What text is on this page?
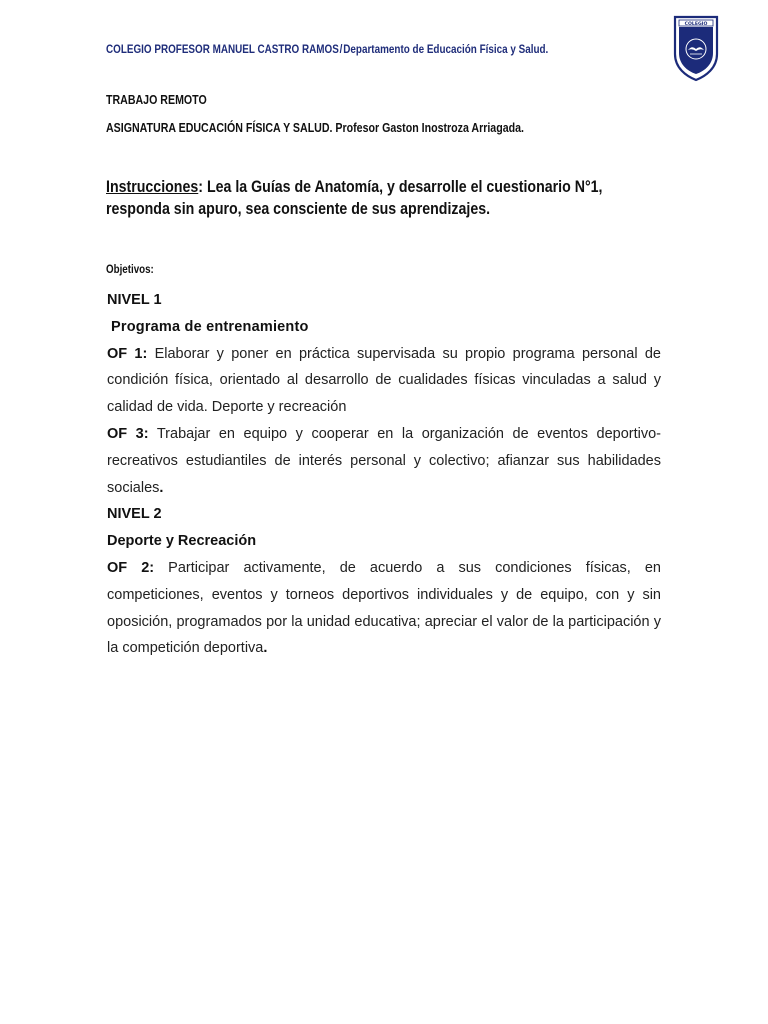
COLEGIO PROFESOR MANUEL CASTRO RAMOS/Departamento de Educación Física y Salud.
COLEGIO
TRABAJO REMOTO
ASIGNATURA EDUCACIÓN FÍSICA Y SALUD. Profesor Gaston Inostroza Arriagada.
Instrucciones: Lea la Guías de Anatomía, y desarrolle el cuestionario N°1, responda sin apuro, sea consciente de sus aprendizajes.
Objetivos:

NIVEL 1

Programa de entrenamiento

OF 1: Elaborar y poner en práctica supervisada su propio programa personal de condición física, orientado al desarrollo de cualidades físicas vinculadas a salud y calidad de vida. Deporte y recreación

OF 3: Trabajar en equipo y cooperar en la organización de eventos deportivo-recreativos estudiantiles de interés personal y colectivo; afianzar sus habilidades sociales.

NIVEL 2

Deporte y Recreación

OF 2: Participar activamente, de acuerdo a sus condiciones físicas, en competiciones, eventos y torneos deportivos individuales y de equipo, con y sin oposición, programados por la unidad educativa; apreciar el valor de la participación y la competición deportiva.
